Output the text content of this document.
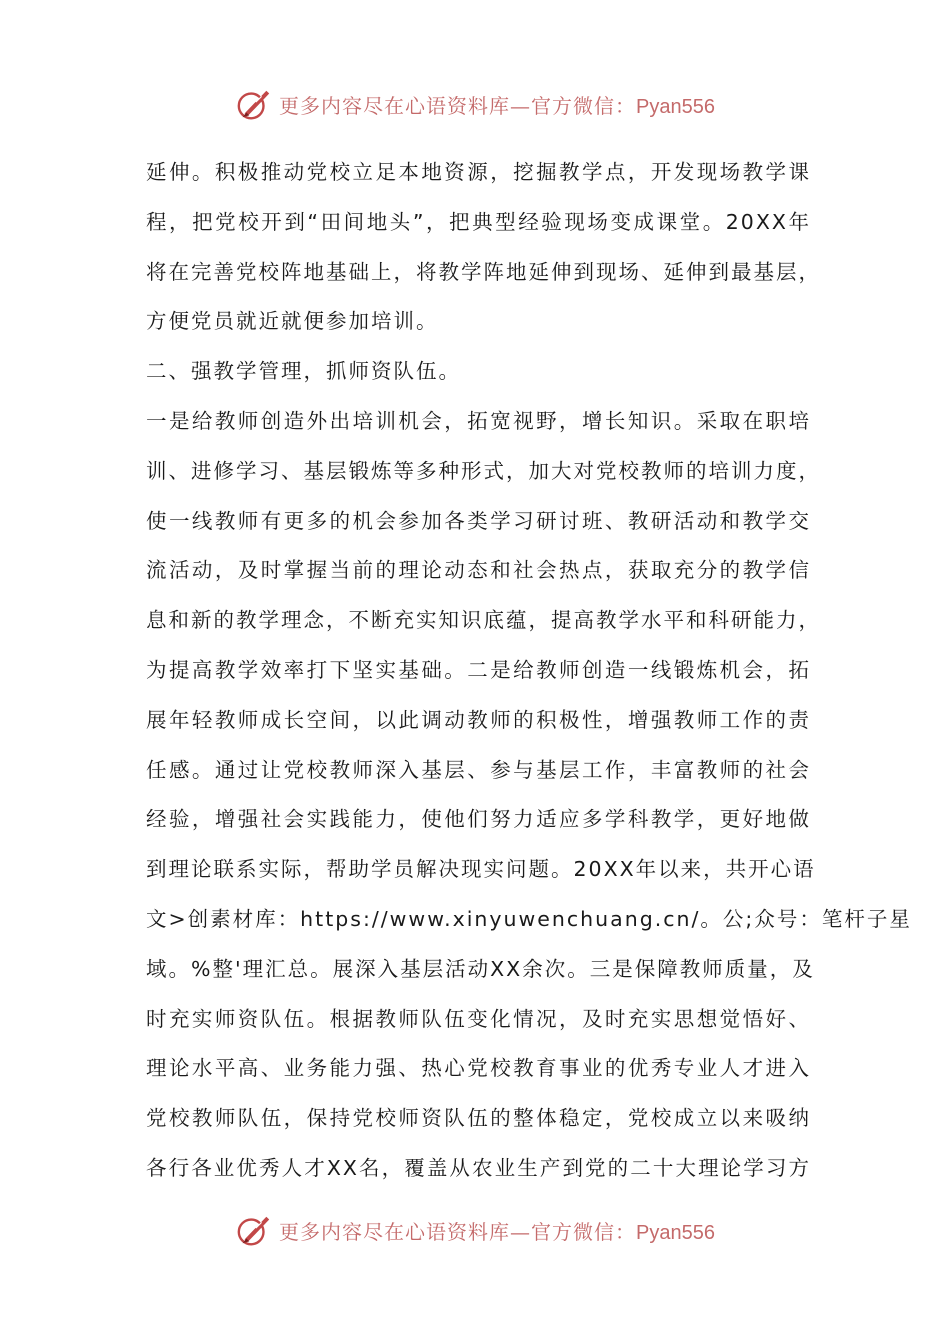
更多内容尽在心语资料库—官方微信：Pyan556
延伸。积极推动党校立足本地资源，挖掘教学点，开发现场教学课
程，把党校开到“田间地头”，把典型经验现场变成课堂。20XX年
将在完善党校阵地基础上，将教学阵地延伸到现场、延伸到最基层，
方便党员就近就便参加培训。
二、强教学管理，抓师资队伍。
一是给教师创造外出培训机会，拓宽视野，增长知识。采取在职培
训、进修学习、基层锻炼等多种形式，加大对党校教师的培训力度，
使一线教师有更多的机会参加各类学习研讨班、教研活动和教学交
流活动，及时掌握当前的理论动态和社会热点，获取充分的教学信
息和新的教学理念，不断充实知识底蕴，提高教学水平和科研能力，
为提高教学效率打下坚实基础。二是给教师创造一线锻炼机会，拓
展年轻教师成长空间，以此调动教师的积极性，增强教师工作的责
任感。通过让党校教师深入基层、参与基层工作，丰富教师的社会
经验，增强社会实践能力，使他们努力适应多学科教学，更好地做
到理论联系实际，帮助学员解决现实问题。20XX年以来，共开心语
文>创素材库：https://www.xinyuwenchuang.cn/。公;众号：笔杆子星
域。%整'理汇总。展深入基层活动XX余次。三是保障教师质量，及
时充实师资队伍。根据教师队伍变化情况，及时充实思想觉悟好、
理论水平高、业务能力强、热心党校教育事业的优秀专业人才进入
党校教师队伍，保持党校师资队伍的整体稳定，党校成立以来吸纳
各行各业优秀人才XX名，覆盖从农业生产到党的二十大理论学习方
更多内容尽在心语资料库—官方微信：Pyan556
